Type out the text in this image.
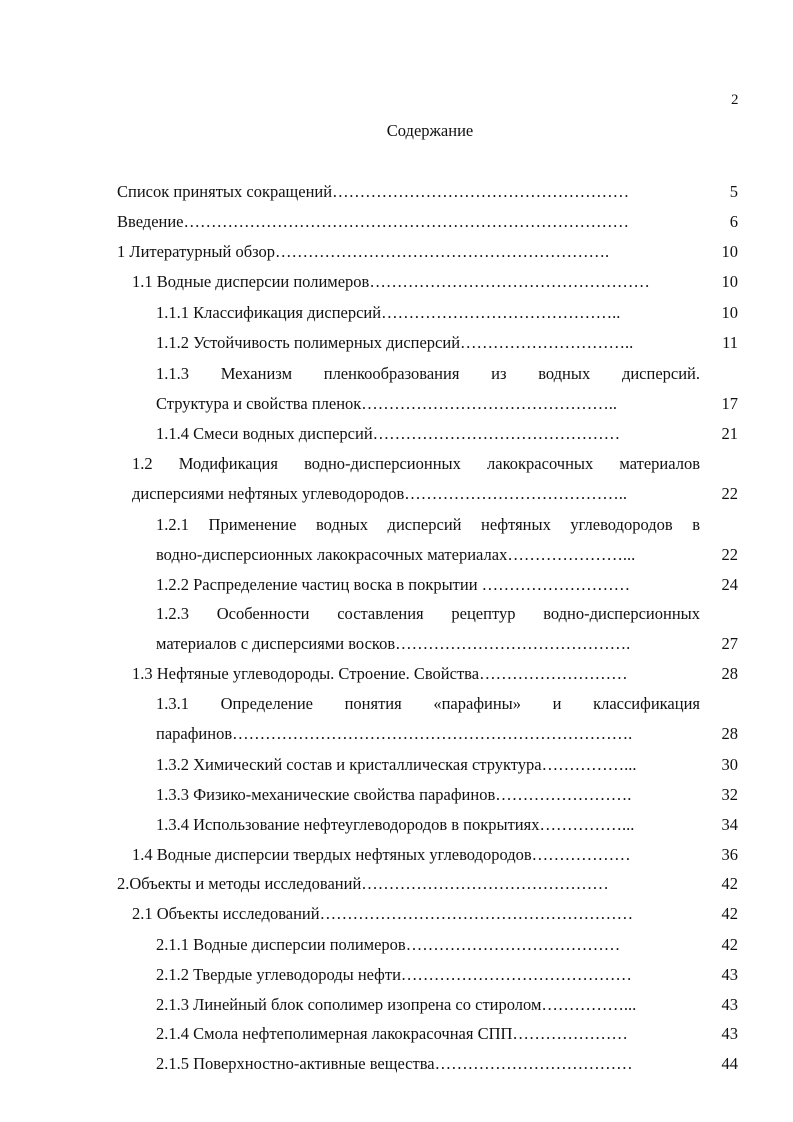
2
Содержание
Список принятых сокращений………………………………………………	5
Введение………………………………………………………………………	6
1 Литературный обзор…………………………………………………….	10
1.1 Водные дисперсии полимеров……………………………………………	10
1.1.1 Классификация дисперсий……………………………………..	10
1.1.2 Устойчивость полимерных дисперсий…………………………..	11
1.1.3 Механизм пленкообразования из водных дисперсий.
Структура и свойства пленок………………………………………..	17
1.1.4 Смеси водных дисперсий………………………………………	21
1.2 Модификация водно-дисперсионных лакокрасочных материалов
дисперсиями нефтяных углеводородов…………………………………..	22
1.2.1 Применение водных дисперсий нефтяных углеводородов в
водно-дисперсионных лакокрасочных материалах…………………...	22
1.2.2 Распределение частиц воска в покрытии ………………………	24
1.2.3 Особенности составления рецептур водно-дисперсионных
материалов с дисперсиями восков…………………………………….	27
1.3 Нефтяные углеводороды. Строение. Свойства………………………	28
1.3.1 Определение понятия «парафины» и классификация
парафинов……………………………………………………………….	28
1.3.2 Химический состав и кристаллическая структура……………...	30
1.3.3 Физико-механические свойства парафинов…………………….	32
1.3.4 Использование нефтеуглеводородов в покрытиях……………...	34
1.4 Водные дисперсии твердых нефтяных углеводородов………………	36
2.Объекты и методы исследований………………………………………	42
2.1 Объекты исследований…………………………………………………	42
2.1.1 Водные дисперсии полимеров…………………………………	42
2.1.2 Твердые углеводороды нефти……………………………………	43
2.1.3 Линейный блок сополимер изопрена со стиролом……………...	43
2.1.4 Смола нефтеполимерная лакокрасочная СПП…………………	43
2.1.5 Поверхностно-активные вещества………………………………	44
